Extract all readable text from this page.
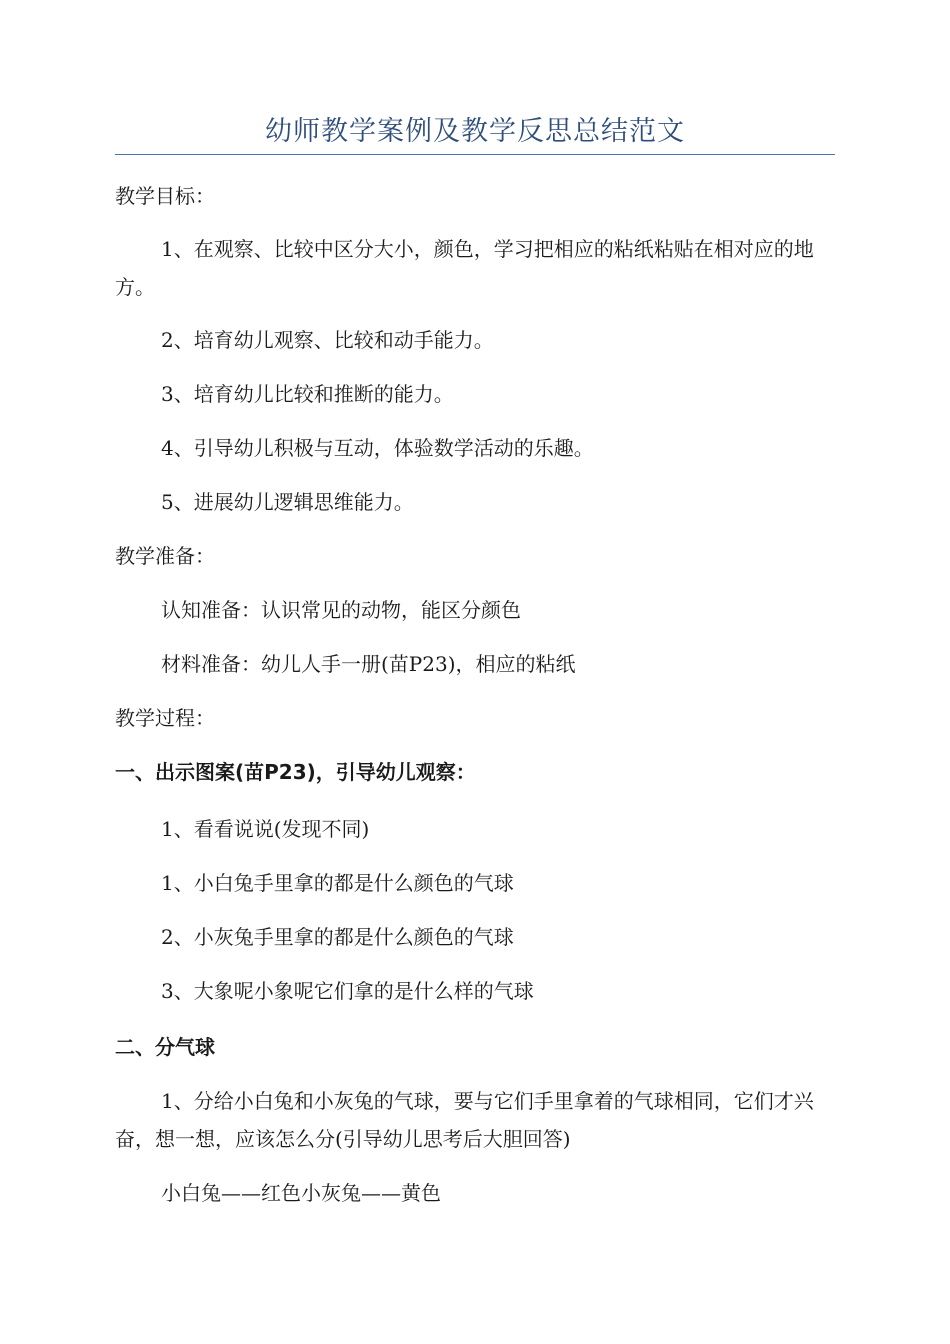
幼师教学案例及教学反思总结范文

教学目标：

1、在观察、比较中区分大小，颜色，学习把相应的粘纸粘贴在相对应的地方。

2、培育幼儿观察、比较和动手能力。

3、培育幼儿比较和推断的能力。

4、引导幼儿积极与互动，体验数学活动的乐趣。

5、进展幼儿逻辑思维能力。

教学准备：

认知准备：认识常见的动物，能区分颜色

材料准备：幼儿人手一册(苗P23)，相应的粘纸

教学过程：

一、出示图案(苗P23)，引导幼儿观察：

1、看看说说(发现不同)

1、小白兔手里拿的都是什么颜色的气球

2、小灰兔手里拿的都是什么颜色的气球

3、大象呢小象呢它们拿的是什么样的气球

二、分气球

1、分给小白兔和小灰兔的气球，要与它们手里拿着的气球相同，它们才兴奋，想一想，应该怎么分(引导幼儿思考后大胆回答)

小白兔——红色小灰兔——黄色
